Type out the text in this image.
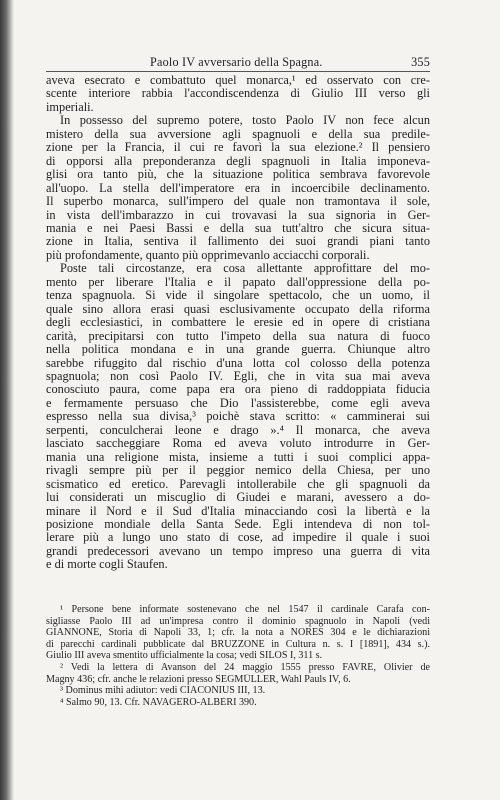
Paolo IV avversario della Spagna.	355
aveva esecrato e combattuto quel monarca,¹ ed osservato con cre-
scente interiore rabbia l'accondiscendenza di Giulio III verso gli
imperiali.
In possesso del supremo potere, tosto Paolo IV non fece alcun
mistero della sua avversione agli spagnuoli e della sua predile-
zione per la Francia, il cui re favorì la sua elezione.² Il pensiero
di opporsi alla preponderanza degli spagnuoli in Italia imponeva-
glisi ora tanto più, che la situazione politica sembrava favorevole
all'uopo. La stella dell'imperatore era in incoercibile declinamento.
Il superbo monarca, sull'impero del quale non tramontava il sole,
in vista dell'imbarazzo in cui trovavasi la sua signoria in Ger-
mania e nei Paesi Bassi e della sua tutt'altro che sicura situa-
zione in Italia, sentiva il fallimento dei suoi grandi piani tanto
più profondamente, quanto più opprimevanlo acciacchi corporali.
Poste tali circostanze, era cosa allettante approfittare del mo-
mento per liberare l'Italia e il papato dall'oppressione della po-
tenza spagnuola. Si vide il singolare spettacolo, che un uomo, il
quale sino allora erasi quasi esclusivamente occupato della riforma
degli ecclesiastici, in combattere le eresie ed in opere di cristiana
carità, precipitarsi con tutto l'impeto della sua natura di fuoco
nella politica mondana e in una grande guerra. Chiunque altro
sarebbe rifuggito dal rischio d'una lotta col colosso della potenza
spagnuola; non così Paolo IV. Egli, che in vita sua mai aveva
conosciuto paura, come papa era ora pieno di raddoppiata fiducia
e fermamente persuaso che Dio l'assisterebbe, come egli aveva
espresso nella sua divisa,³ poichè stava scritto: « camminerai sui
serpenti, conculcherai leone e drago ».⁴ Il monarca, che aveva
lasciato saccheggiare Roma ed aveva voluto introdurre in Ger-
mania una religione mista, insieme a tutti i suoi complici appa-
rivagli sempre più per il peggior nemico della Chiesa, per uno
scismatico ed eretico. Parevagli intollerabile che gli spagnuoli da
lui considerati un miscuglio di Giudei e marani, avessero a do-
minare il Nord e il Sud d'Italia minacciando così la libertà e la
posizione mondiale della Santa Sede. Egli intendeva di non tol-
lerare più a lungo uno stato di cose, ad impedire il quale i suoi
grandi predecessori avevano un tempo impreso una guerra di vita
e di morte cogli Staufen.
¹ Persone bene informate sostenevano che nel 1547 il cardinale Carafa con-
sigliasse Paolo III ad un'impresa contro il dominio spagnuolo in Napoli (vedi
GIANNONE, Storia di Napoli 33, 1; cfr. la nota a NORES 304 e le dichiarazioni
di parecchi cardinali pubblicate dal BRUZZONE in Cultura n. s. I [1891], 434 s.).
Giulio III aveva smentito ufficialmente la cosa; vedi SILOS I, 311 s.
² Vedi la lettera di Avanson del 24 maggio 1555 presso FAVRE, Olivier de
Magny 436; cfr. anche le relazioni presso SEGMÜLLER, Wahl Pauls IV, 6.
³ Dominus mihi adiutor: vedi CIACONIUS III, 13.
⁴ Salmo 90, 13. Cfr. NAVAGERO-ALBÈRI 390.
